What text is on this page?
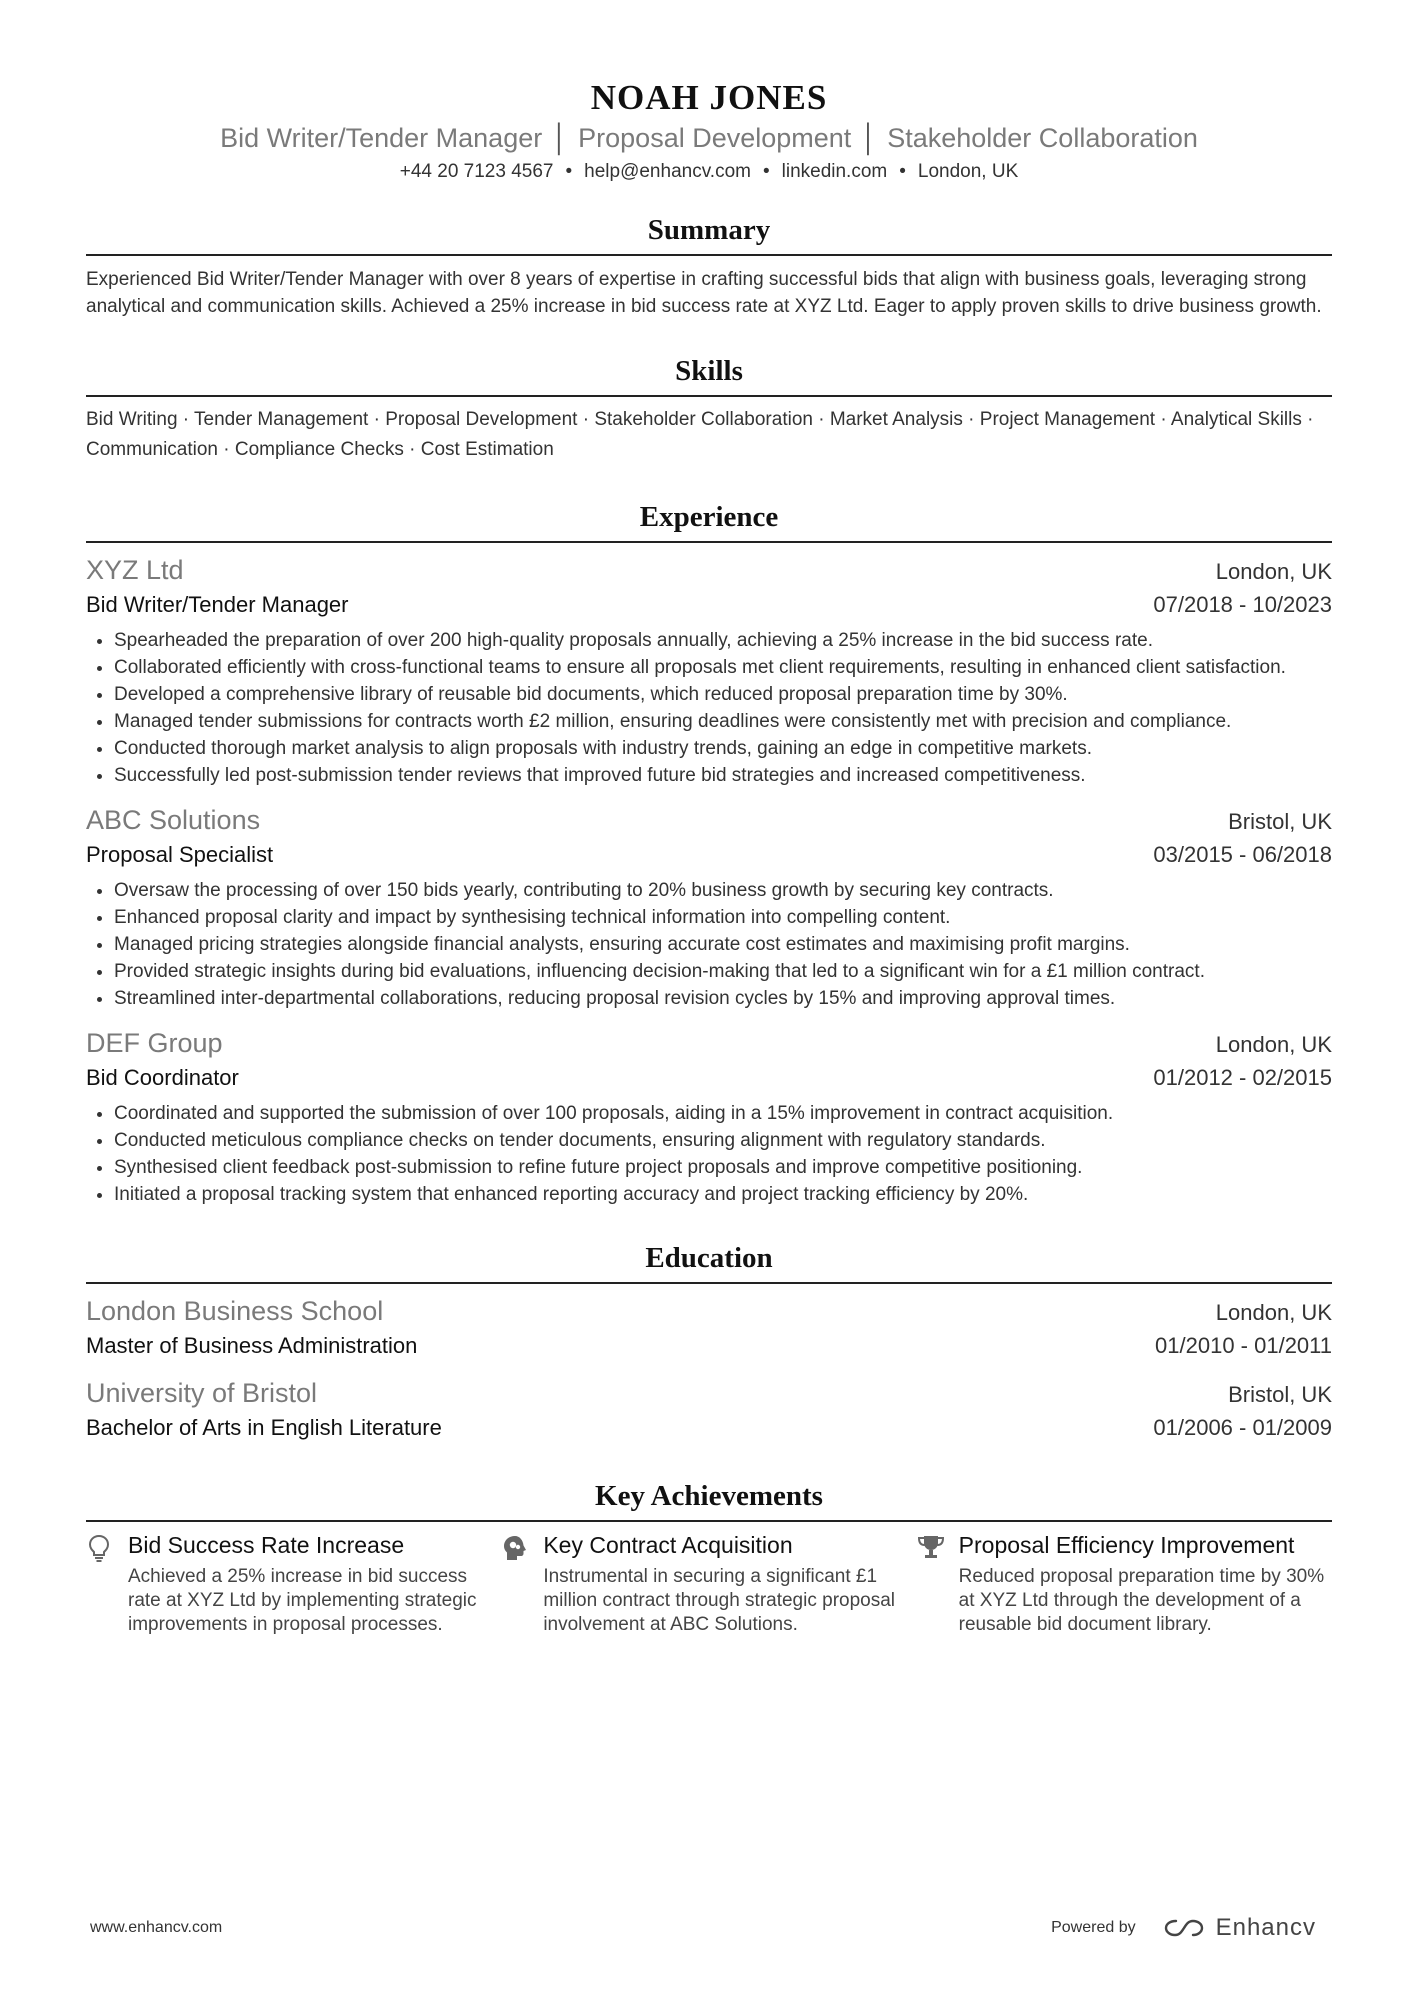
NOAH JONES
Bid Writer/Tender Manager │ Proposal Development │ Stakeholder Collaboration
+44 20 7123 4567 • help@enhancv.com • linkedin.com • London, UK
Summary
Experienced Bid Writer/Tender Manager with over 8 years of expertise in crafting successful bids that align with business goals, leveraging strong analytical and communication skills. Achieved a 25% increase in bid success rate at XYZ Ltd. Eager to apply proven skills to drive business growth.
Skills
Bid Writing · Tender Management · Proposal Development · Stakeholder Collaboration · Market Analysis · Project Management · Analytical Skills · Communication · Compliance Checks · Cost Estimation
Experience
XYZ Ltd	London, UK
Bid Writer/Tender Manager	07/2018 - 10/2023
• Spearheaded the preparation of over 200 high-quality proposals annually, achieving a 25% increase in the bid success rate.
• Collaborated efficiently with cross-functional teams to ensure all proposals met client requirements, resulting in enhanced client satisfaction.
• Developed a comprehensive library of reusable bid documents, which reduced proposal preparation time by 30%.
• Managed tender submissions for contracts worth £2 million, ensuring deadlines were consistently met with precision and compliance.
• Conducted thorough market analysis to align proposals with industry trends, gaining an edge in competitive markets.
• Successfully led post-submission tender reviews that improved future bid strategies and increased competitiveness.
ABC Solutions	Bristol, UK
Proposal Specialist	03/2015 - 06/2018
• Oversaw the processing of over 150 bids yearly, contributing to 20% business growth by securing key contracts.
• Enhanced proposal clarity and impact by synthesising technical information into compelling content.
• Managed pricing strategies alongside financial analysts, ensuring accurate cost estimates and maximising profit margins.
• Provided strategic insights during bid evaluations, influencing decision-making that led to a significant win for a £1 million contract.
• Streamlined inter-departmental collaborations, reducing proposal revision cycles by 15% and improving approval times.
DEF Group	London, UK
Bid Coordinator	01/2012 - 02/2015
• Coordinated and supported the submission of over 100 proposals, aiding in a 15% improvement in contract acquisition.
• Conducted meticulous compliance checks on tender documents, ensuring alignment with regulatory standards.
• Synthesised client feedback post-submission to refine future project proposals and improve competitive positioning.
• Initiated a proposal tracking system that enhanced reporting accuracy and project tracking efficiency by 20%.
Education
London Business School	London, UK
Master of Business Administration	01/2010 - 01/2011
University of Bristol	Bristol, UK
Bachelor of Arts in English Literature	01/2006 - 01/2009
Key Achievements
Bid Success Rate Increase
Achieved a 25% increase in bid success rate at XYZ Ltd by implementing strategic improvements in proposal processes.
Key Contract Acquisition
Instrumental in securing a significant £1 million contract through strategic proposal involvement at ABC Solutions.
Proposal Efficiency Improvement
Reduced proposal preparation time by 30% at XYZ Ltd through the development of a reusable bid document library.
www.enhancv.com	Powered by	Enhancv
